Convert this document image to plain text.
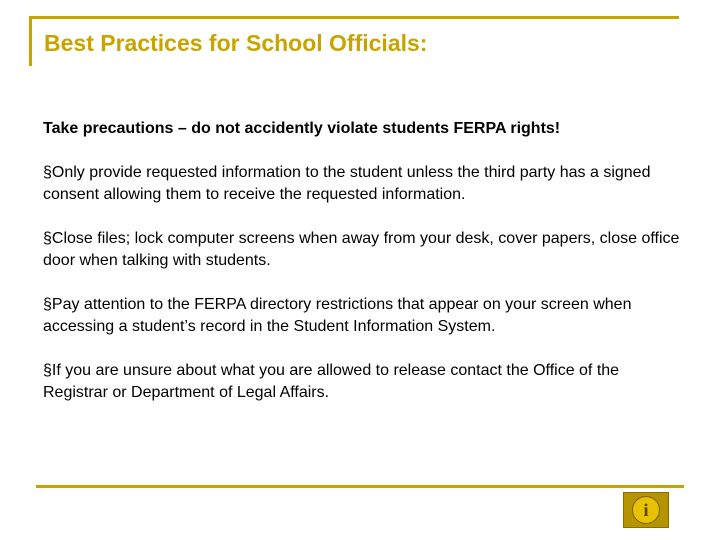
Best Practices for School Officials:

Take precautions – do not accidently violate students FERPA rights!

§Only provide requested information to the student unless the third party has a signed consent allowing them to receive the requested information.
§Close files; lock computer screens when away from your desk, cover papers, close office door when talking with students.
§Pay attention to the FERPA directory restrictions that appear on your screen when accessing a student’s record in the Student Information System.
§If you are unsure about what you are allowed to release contact the Office of the Registrar or Department of Legal Affairs.
i
